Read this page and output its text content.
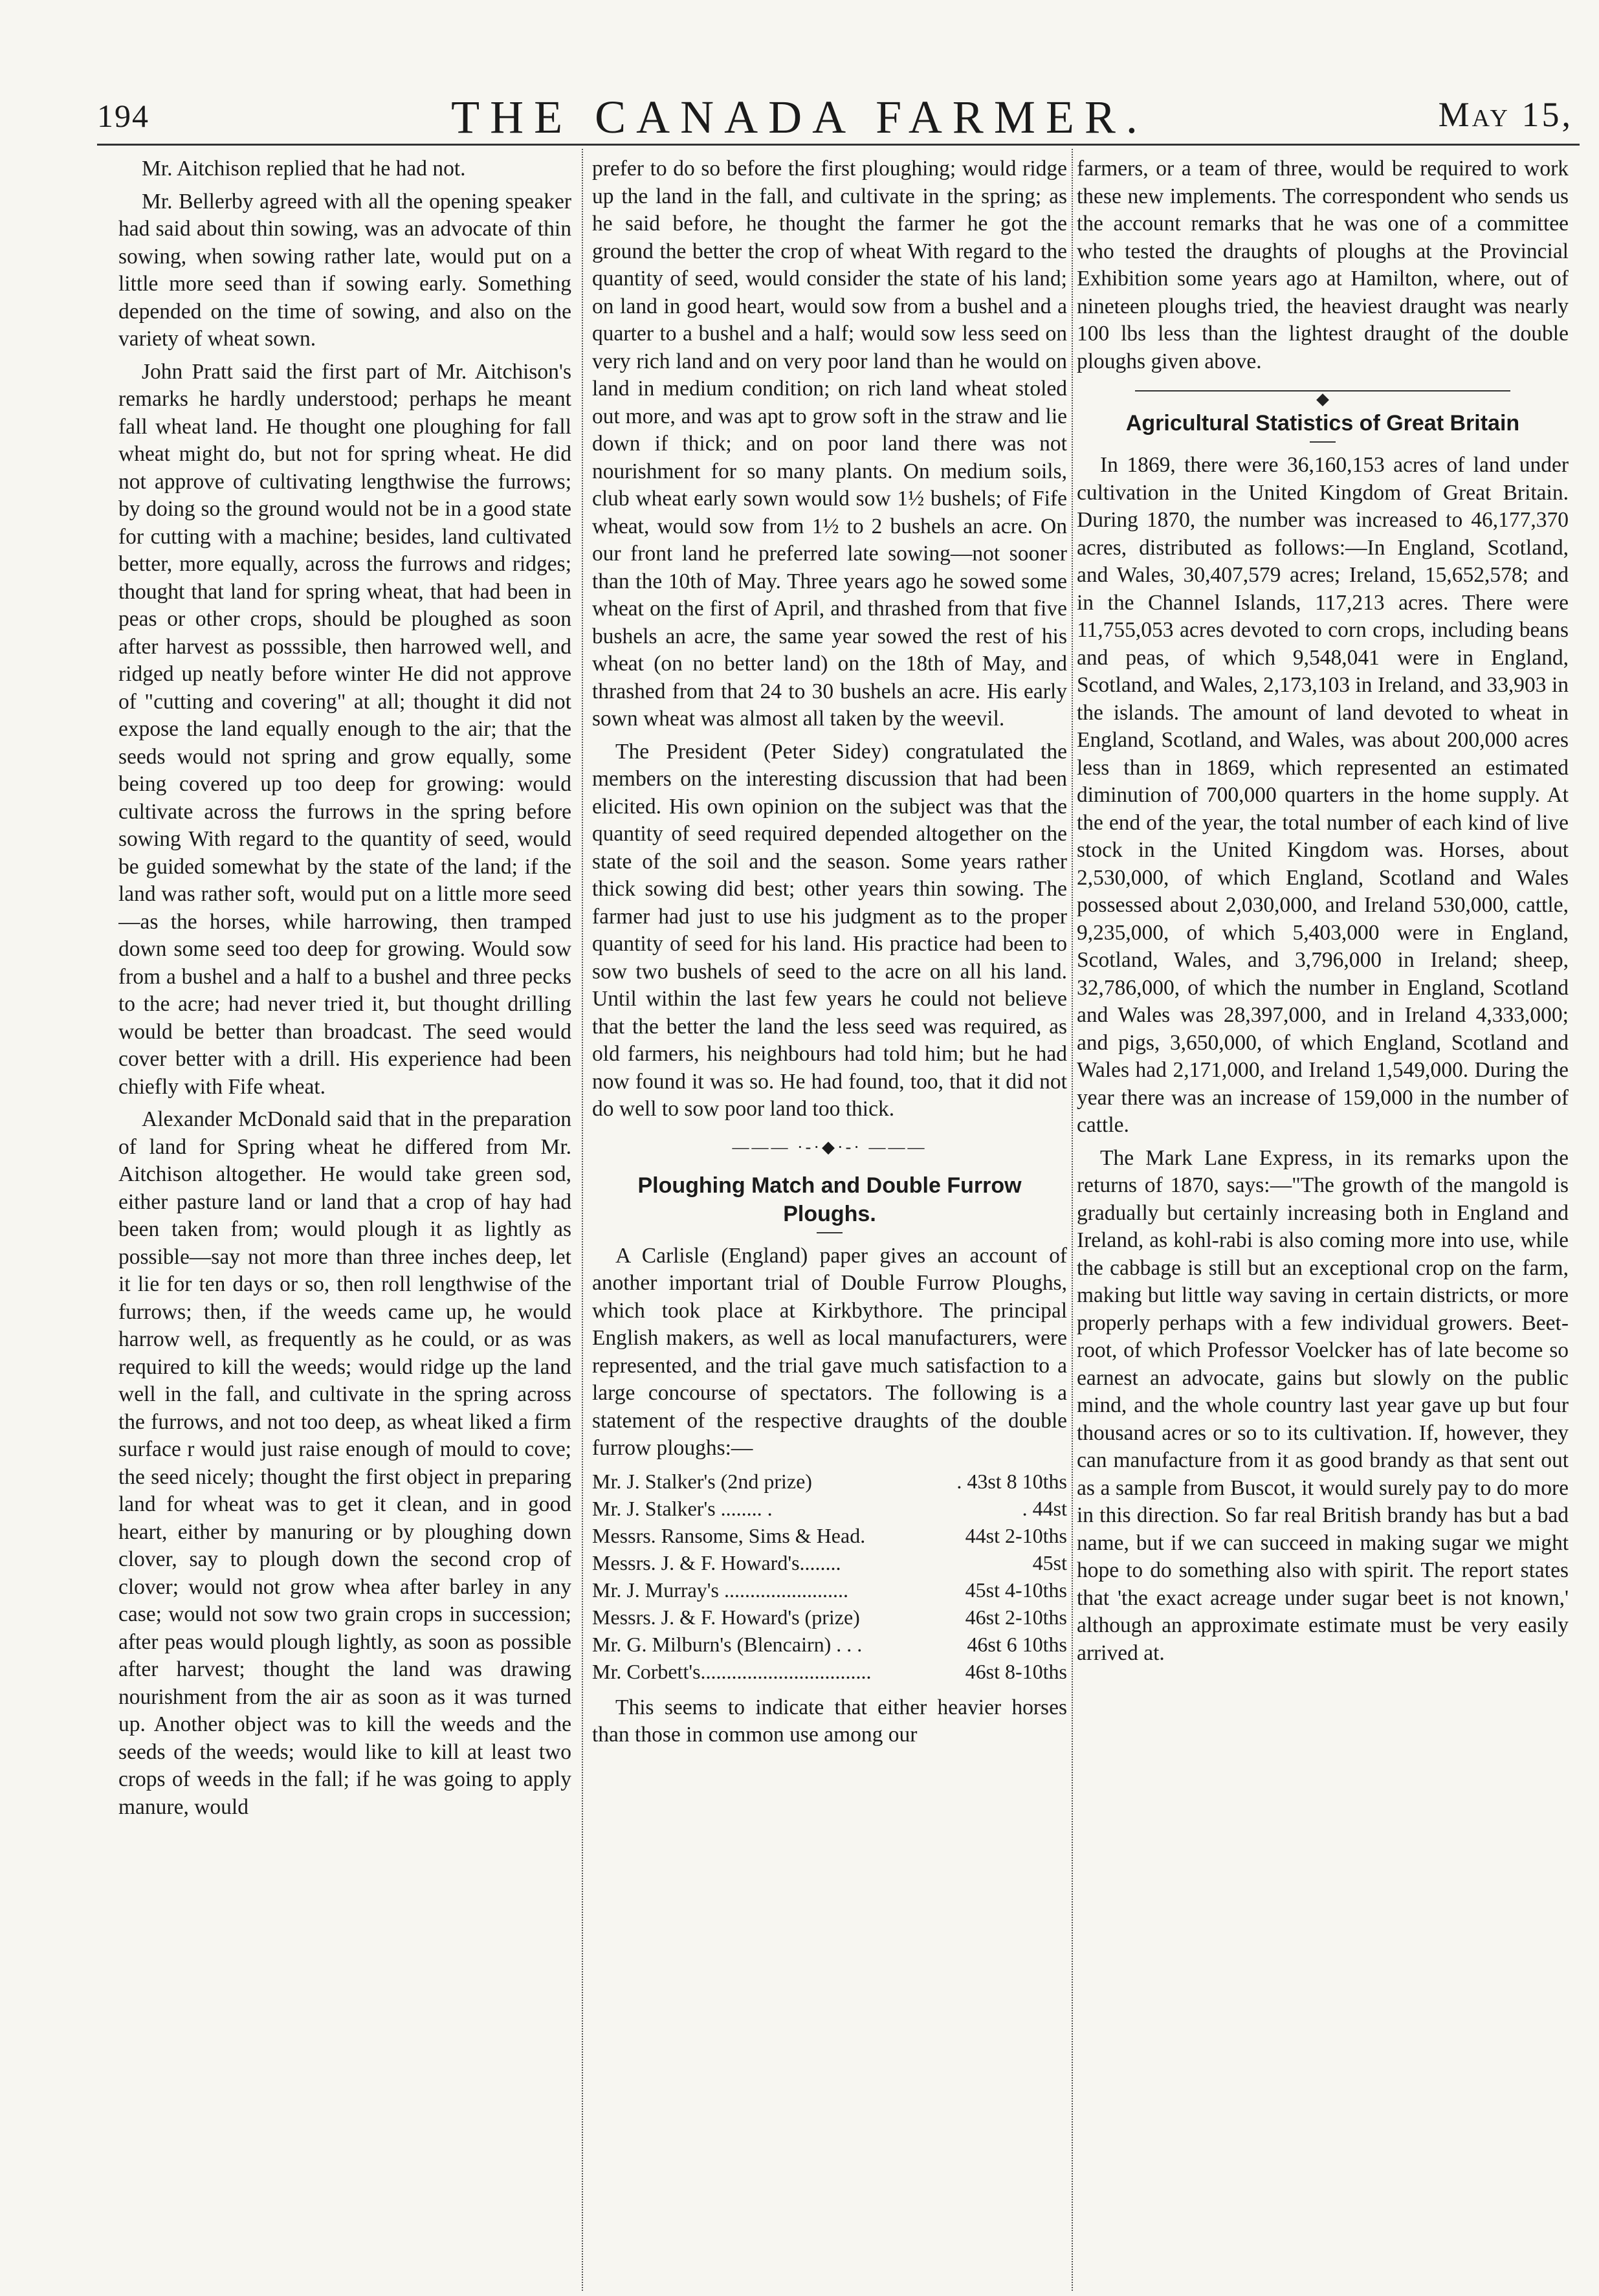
194	THE CANADA FARMER.	May 15,

Mr. Aitchison replied that he had not.

Mr. Bellerby agreed with all the opening speaker had said about thin sowing, was an advocate of thin sowing, when sowing rather late, would put on a little more seed than if sowing early. Something depended on the time of sowing, and also on the variety of wheat sown.

John Pratt said the first part of Mr. Aitchison's remarks he hardly understood; perhaps he meant fall wheat land. He thought one ploughing for fall wheat might do, but not for spring wheat. He did not approve of cultivating lengthwise the furrows; by doing so the ground would not be in a good state for cutting with a machine; besides, land cultivated better, more equally, across the furrows and ridges; thought that land for spring wheat, that had been in peas or other crops, should be ploughed as soon after harvest as posssible, then harrowed well, and ridged up neatly before winter He did not approve of "cutting and covering" at all; thought it did not expose the land equally enough to the air; that the seeds would not spring and grow equally, some being covered up too deep for growing: would cultivate across the furrows in the spring before sowing With regard to the quantity of seed, would be guided somewhat by the state of the land; if the land was rather soft, would put on a little more seed—as the horses, while harrowing, then tramped down some seed too deep for growing. Would sow from a bushel and a half to a bushel and three pecks to the acre; had never tried it, but thought drilling would be better than broadcast. The seed would cover better with a drill. His experience had been chiefly with Fife wheat.

Alexander McDonald said that in the preparation of land for Spring wheat he differed from Mr. Aitchison altogether. He would take green sod, either pasture land or land that a crop of hay had been taken from; would plough it as lightly as possible—say not more than three inches deep, let it lie for ten days or so, then roll lengthwise of the furrows; then, if the weeds came up, he would harrow well, as frequently as he could, or as was required to kill the weeds; would ridge up the land well in the fall, and cultivate in the spring across the furrows, and not too deep, as wheat liked a firm surface r would just raise enough of mould to cove; the seed nicely; thought the first object in preparing land for wheat was to get it clean, and in good heart, either by manuring or by ploughing down clover, say to plough down the second crop of clover; would not grow whea after barley in any case; would not sow two grain crops in succession; after peas would plough lightly, as soon as possible after harvest; thought the land was drawing nourishment from the air as soon as it was turned up. Another object was to kill the weeds and the seeds of the weeds; would like to kill at least two crops of weeds in the fall; if he was going to apply manure, would

prefer to do so before the first ploughing; would ridge up the land in the fall, and cultivate in the spring; as he said before, he thought the farmer he got the ground the better the crop of wheat With regard to the quantity of seed, would consider the state of his land; on land in good heart, would sow from a bushel and a quarter to a bushel and a half; would sow less seed on very rich land and on very poor land than he would on land in medium condition; on rich land wheat stoled out more, and was apt to grow soft in the straw and lie down if thick; and on poor land there was not nourishment for so many plants. On medium soils, club wheat early sown would sow 1½ bushels; of Fife wheat, would sow from 1½ to 2 bushels an acre. On our front land he preferred late sowing—not sooner than the 10th of May. Three years ago he sowed some wheat on the first of April, and thrashed from that five bushels an acre, the same year sowed the rest of his wheat (on no better land) on the 18th of May, and thrashed from that 24 to 30 bushels an acre. His early sown wheat was almost all taken by the weevil.

The President (Peter Sidey) congratulated the members on the interesting discussion that had been elicited. His own opinion on the subject was that the quantity of seed required depended altogether on the state of the soil and the season. Some years rather thick sowing did best; other years thin sowing. The farmer had just to use his judgment as to the proper quantity of seed for his land. His practice had been to sow two bushels of seed to the acre on all his land. Until within the last few years he could not believe that the better the land the less seed was required, as old farmers, his neighbours had told him; but he had now found it was so. He had found, too, that it did not do well to sow poor land too thick.

——— ·-·◆·-· ———
Ploughing Match and Double Furrow Ploughs.

A Carlisle (England) paper gives an account of another important trial of Double Furrow Ploughs, which took place at Kirkbythore. The principal English makers, as well as local manufacturers, were represented, and the trial gave much satisfaction to a large concourse of spectators. The following is a statement of the respective draughts of the double furrow ploughs:—

Mr. J. Stalker's (2nd prize)	. 43st 8 10ths
Mr. J. Stalker's ........ .	. 44st
Messrs. Ransome, Sims & Head.	44st 2-10ths
Messrs. J. & F. Howard's........	45st
Mr. J. Murray's ........................	45st 4-10ths
Messrs. J. & F. Howard's (prize)	46st 2-10ths
Mr. G. Milburn's (Blencairn) . . .	46st 6 10ths
Mr. Corbett's.................................	46st 8-10ths

This seems to indicate that either heavier horses than those in common use among our

farmers, or a team of three, would be required to work these new implements. The correspondent who sends us the account remarks that he was one of a committee who tested the draughts of ploughs at the Provincial Exhibition some years ago at Hamilton, where, out of nineteen ploughs tried, the heaviest draught was nearly 100 lbs less than the lightest draught of the double ploughs given above.

Agricultural Statistics of Great Britain

In 1869, there were 36,160,153 acres of land under cultivation in the United Kingdom of Great Britain. During 1870, the number was increased to 46,177,370 acres, distributed as follows:—In England, Scotland, and Wales, 30,407,579 acres; Ireland, 15,652,578; and in the Channel Islands, 117,213 acres. There were 11,755,053 acres devoted to corn crops, including beans and peas, of which 9,548,041 were in England, Scotland, and Wales, 2,173,103 in Ireland, and 33,903 in the islands. The amount of land devoted to wheat in England, Scotland, and Wales, was about 200,000 acres less than in 1869, which represented an estimated diminution of 700,000 quarters in the home supply. At the end of the year, the total number of each kind of live stock in the United Kingdom was. Horses, about 2,530,000, of which England, Scotland and Wales possessed about 2,030,000, and Ireland 530,000, cattle, 9,235,000, of which 5,403,000 were in England, Scotland, Wales, and 3,796,000 in Ireland; sheep, 32,786,000, of which the number in England, Scotland and Wales was 28,397,000, and in Ireland 4,333,000; and pigs, 3,650,000, of which England, Scotland and Wales had 2,171,000, and Ireland 1,549,000. During the year there was an increase of 159,000 in the number of cattle.

The Mark Lane Express, in its remarks upon the returns of 1870, says:—"The growth of the mangold is gradually but certainly increasing both in England and Ireland, as kohl-rabi is also coming more into use, while the cabbage is still but an exceptional crop on the farm, making but little way saving in certain districts, or more properly perhaps with a few individual growers. Beet-root, of which Professor Voelcker has of late become so earnest an advocate, gains but slowly on the public mind, and the whole country last year gave up but four thousand acres or so to its cultivation. If, however, they can manufacture from it as good brandy as that sent out as a sample from Buscot, it would surely pay to do more in this direction. So far real British brandy has but a bad name, but if we can succeed in making sugar we might hope to do something also with spirit. The report states that 'the exact acreage under sugar beet is not known,' although an approximate estimate must be very easily arrived at.
